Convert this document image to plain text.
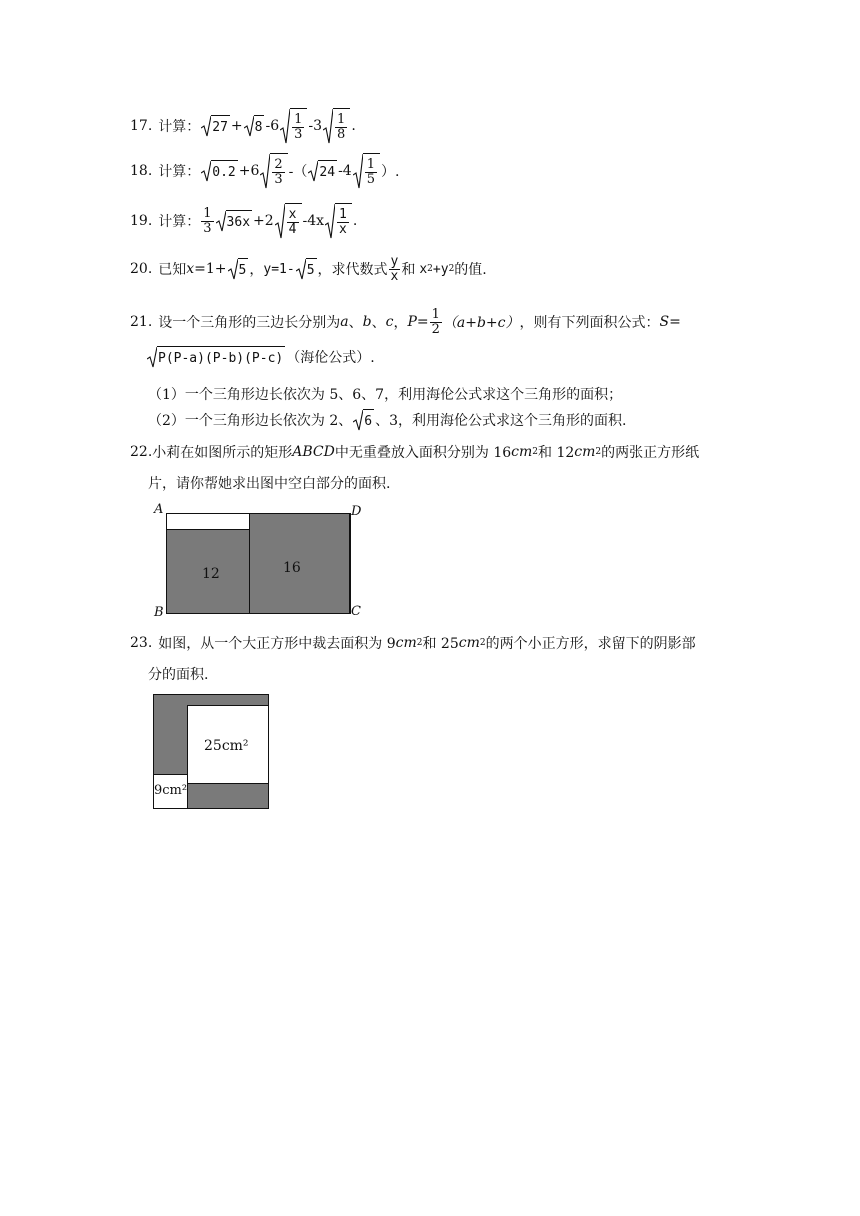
17. 计算： 27 + 8 $-6 \frac{1}{3} -3 \frac{1}{8}$ .
18. 计算： $0.2 +6 \frac{2}{3}$ -（ 24 $-4 \frac{1}{5}$ ）.
19. 计算： $\frac{1}{3} 36x +2 \frac{x}{4} -4x \frac{1}{x}$ .
20. 已知 x =1+ 5 ， y=1- 5 ，求代数式 $\frac{y}{x}$ 和 x 2 +y 2 的值.
21. 设一个三角形的三边长分别为 a 、 b 、 c ， $P = \frac{1}{2} (a+b+c)$ ，则有下列面积公式： S =
P(P-a)(P-b)(P-c) （海伦公式）.
（1）一个三角形边长依次为 5、6、7，利用海伦公式求这个三角形的面积；
（2）一个三角形边长依次为 2、 6 、3，利用海伦公式求这个三角形的面积.
22. 小莉在如图所示的矩形 ABCD 中无重叠放入面积分别为 16 cm 2 和 12 cm 2 的两张正方形纸
片，请你帮她求出图中空白部分的面积.
12	16
A	D
B	C
23. 如图，从一个大正方形中裁去面积为 9 cm 2 和 25 cm 2 的两个小正方形，求留下的阴影部
分的面积.
25cm²
9cm²
